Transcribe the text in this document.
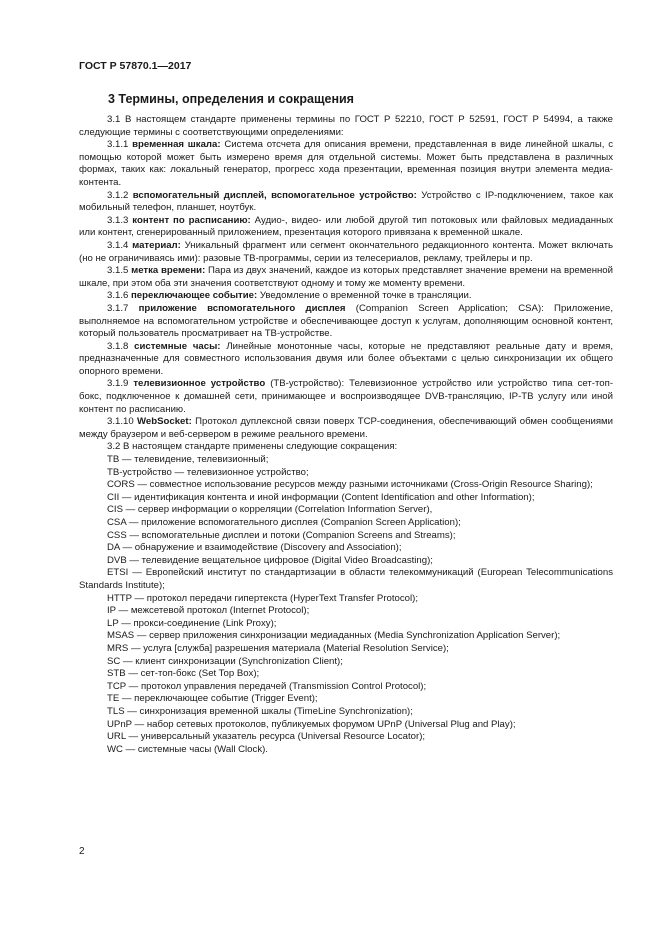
ГОСТ Р 57870.1—2017
3 Термины, определения и сокращения

3.1 В настоящем стандарте применены термины по ГОСТ Р 52210, ГОСТ Р 52591, ГОСТ Р 54994, а также следующие термины с соответствующими определениями:

3.1.1 временная шкала: Система отсчета для описания времени, представленная в виде линейной шкалы, с помощью которой может быть измерено время для отдельной системы. Может быть представлена в различных формах, таких как: локальный генератор, прогресс хода презентации, временная позиция внутри элемента медиа-контента.

3.1.2 вспомогательный дисплей, вспомогательное устройство: Устройство с IP-подключением, такое как мобильный телефон, планшет, ноутбук.

3.1.3 контент по расписанию: Аудио-, видео- или любой другой тип потоковых или файловых медиаданных или контент, сгенерированный приложением, презентация которого привязана к временной шкале.

3.1.4 материал: Уникальный фрагмент или сегмент окончательного редакционного контента. Может включать (но не ограничиваясь ими): разовые ТВ-программы, серии из телесериалов, рекламу, трейлеры и пр.

3.1.5 метка времени: Пара из двух значений, каждое из которых представляет значение времени на временной шкале, при этом оба эти значения соответствуют одному и тому же моменту времени.

3.1.6 переключающее событие: Уведомление о временной точке в трансляции.

3.1.7 приложение вспомогательного дисплея (Companion Screen Application; CSA): Приложение, выполняемое на вспомогательном устройстве и обеспечивающее доступ к услугам, дополняющим основной контент, который пользователь просматривает на ТВ-устройстве.

3.1.8 системные часы: Линейные монотонные часы, которые не представляют реальные дату и время, предназначенные для совместного использования двумя или более объектами с целью синхронизации их общего опорного времени.

3.1.9 телевизионное устройство (ТВ-устройство): Телевизионное устройство или устройство типа сет-топ-бокс, подключенное к домашней сети, принимающее и воспроизводящее DVB-трансляцию, IP-TB услугу или иной контент по расписанию.

3.1.10 WebSocket: Протокол дуплексной связи поверх TCP-соединения, обеспечивающий обмен сообщениями между браузером и веб-сервером в режиме реального времени.

3.2 В настоящем стандарте применены следующие сокращения:

ТВ — телевидение, телевизионный;

ТВ-устройство — телевизионное устройство;

CORS — совместное использование ресурсов между разными источниками (Cross-Origin Resource Sharing);

CII — идентификация контента и иной информации (Content Identification and other Information);

CIS — сервер информации о корреляции (Correlation Information Server),

CSA — приложение вспомогательного дисплея (Companion Screen Application);

CSS — вспомогательные дисплеи и потоки (Companion Screens and Streams);

DA — обнаружение и взаимодействие (Discovery and Association);

DVB — телевидение вещательное цифровое (Digital Video Broadcasting);

ETSI — Европейский институт по стандартизации в области телекоммуникаций (European Telecommunications Standards Institute);

HTTP — протокол передачи гипертекста (HyperText Transfer Protocol);

IP — межсетевой протокол (Internet Protocol);

LP — прокси-соединение (Link Proxy);

MSAS — сервер приложения синхронизации медиаданных (Media Synchronization Application Server);

MRS — услуга [служба] разрешения материала (Material Resolution Service);

SC — клиент синхронизации (Synchronization Client);

STB — сет-топ-бокс (Set Top Box);

TCP — протокол управления передачей (Transmission Control Protocol);

TE — переключающее событие (Trigger Event);

TLS — синхронизация временной шкалы (TimeLine Synchronization);

UPnP — набор сетевых протоколов, публикуемых форумом UPnP (Universal Plug and Play);

URL — универсальный указатель ресурса (Universal Resource Locator);

WC — системные часы (Wall Clock).

2
